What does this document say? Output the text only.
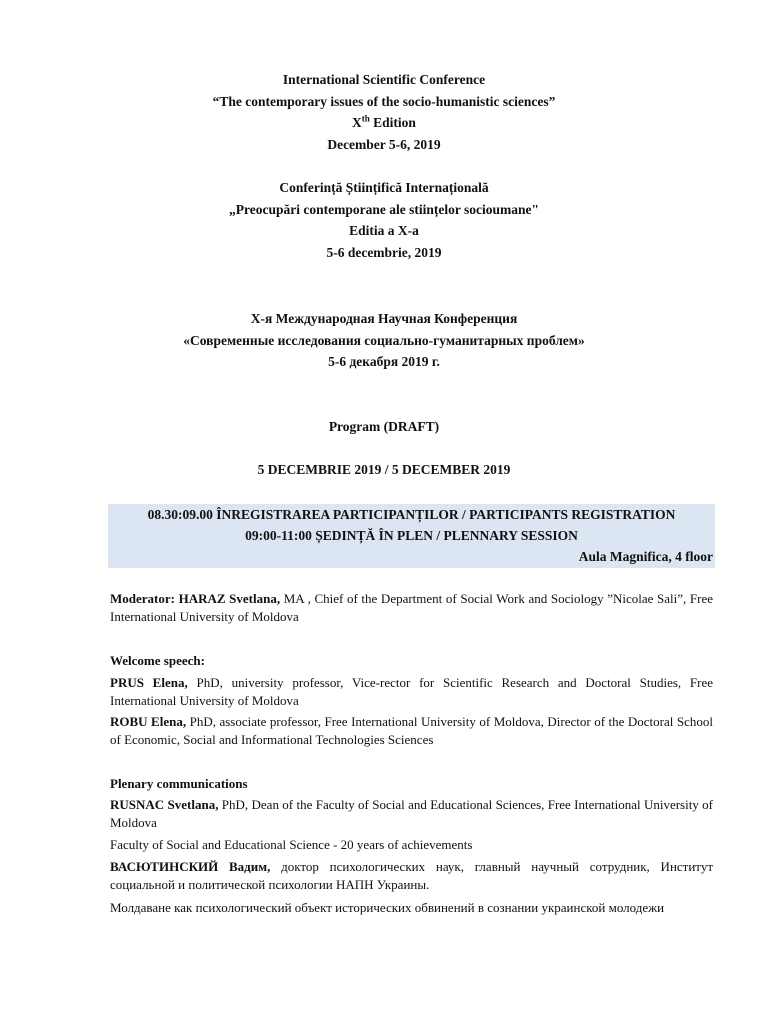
International Scientific Conference
“The contemporary issues of the socio-humanistic sciences”
Xth Edition
December 5-6, 2019
Conferință Științifică Internațională
„Preocupări contemporane ale stiințelor socioumane"
Editia a X-a
5-6 decembrie, 2019
Х-я Международная Научная Конференция
«Современные исследования социально-гуманитарных проблем»
5-6 декабря 2019 г.
Program (DRAFT)
5 DECEMBRIE 2019 / 5 DECEMBER 2019
08.30:09.00 ÎNREGISTRAREA PARTICIPANȚILOR / PARTICIPANTS REGISTRATION
09:00-11:00 ȘEDINȚĂ ÎN PLEN / PLENNARY SESSION
Aula Magnifica, 4 floor
Moderator: HARAZ Svetlana, MA , Chief of the Department of Social Work and Sociology ”Nicolae Sali”, Free International University of Moldova
Welcome speech:
PRUS Elena, PhD, university professor, Vice-rector for Scientific Research and Doctoral Studies, Free International University of Moldova
ROBU Elena, PhD, associate professor, Free International University of Moldova, Director of the Doctoral School of Economic, Social and Informational Technologies Sciences
Plenary communications
RUSNAC Svetlana, PhD, Dean of the Faculty of Social and Educational Sciences, Free International University of Moldova
Faculty of Social and Educational Science - 20 years of achievements
ВАСЮТИНСКИЙ Вадим, доктор психологических наук, главный научный сотрудник, Институт социальной и политической психологии НАПН Украины.
Молдаване как психологический объект исторических обвинений в сознании украинской молодежи
